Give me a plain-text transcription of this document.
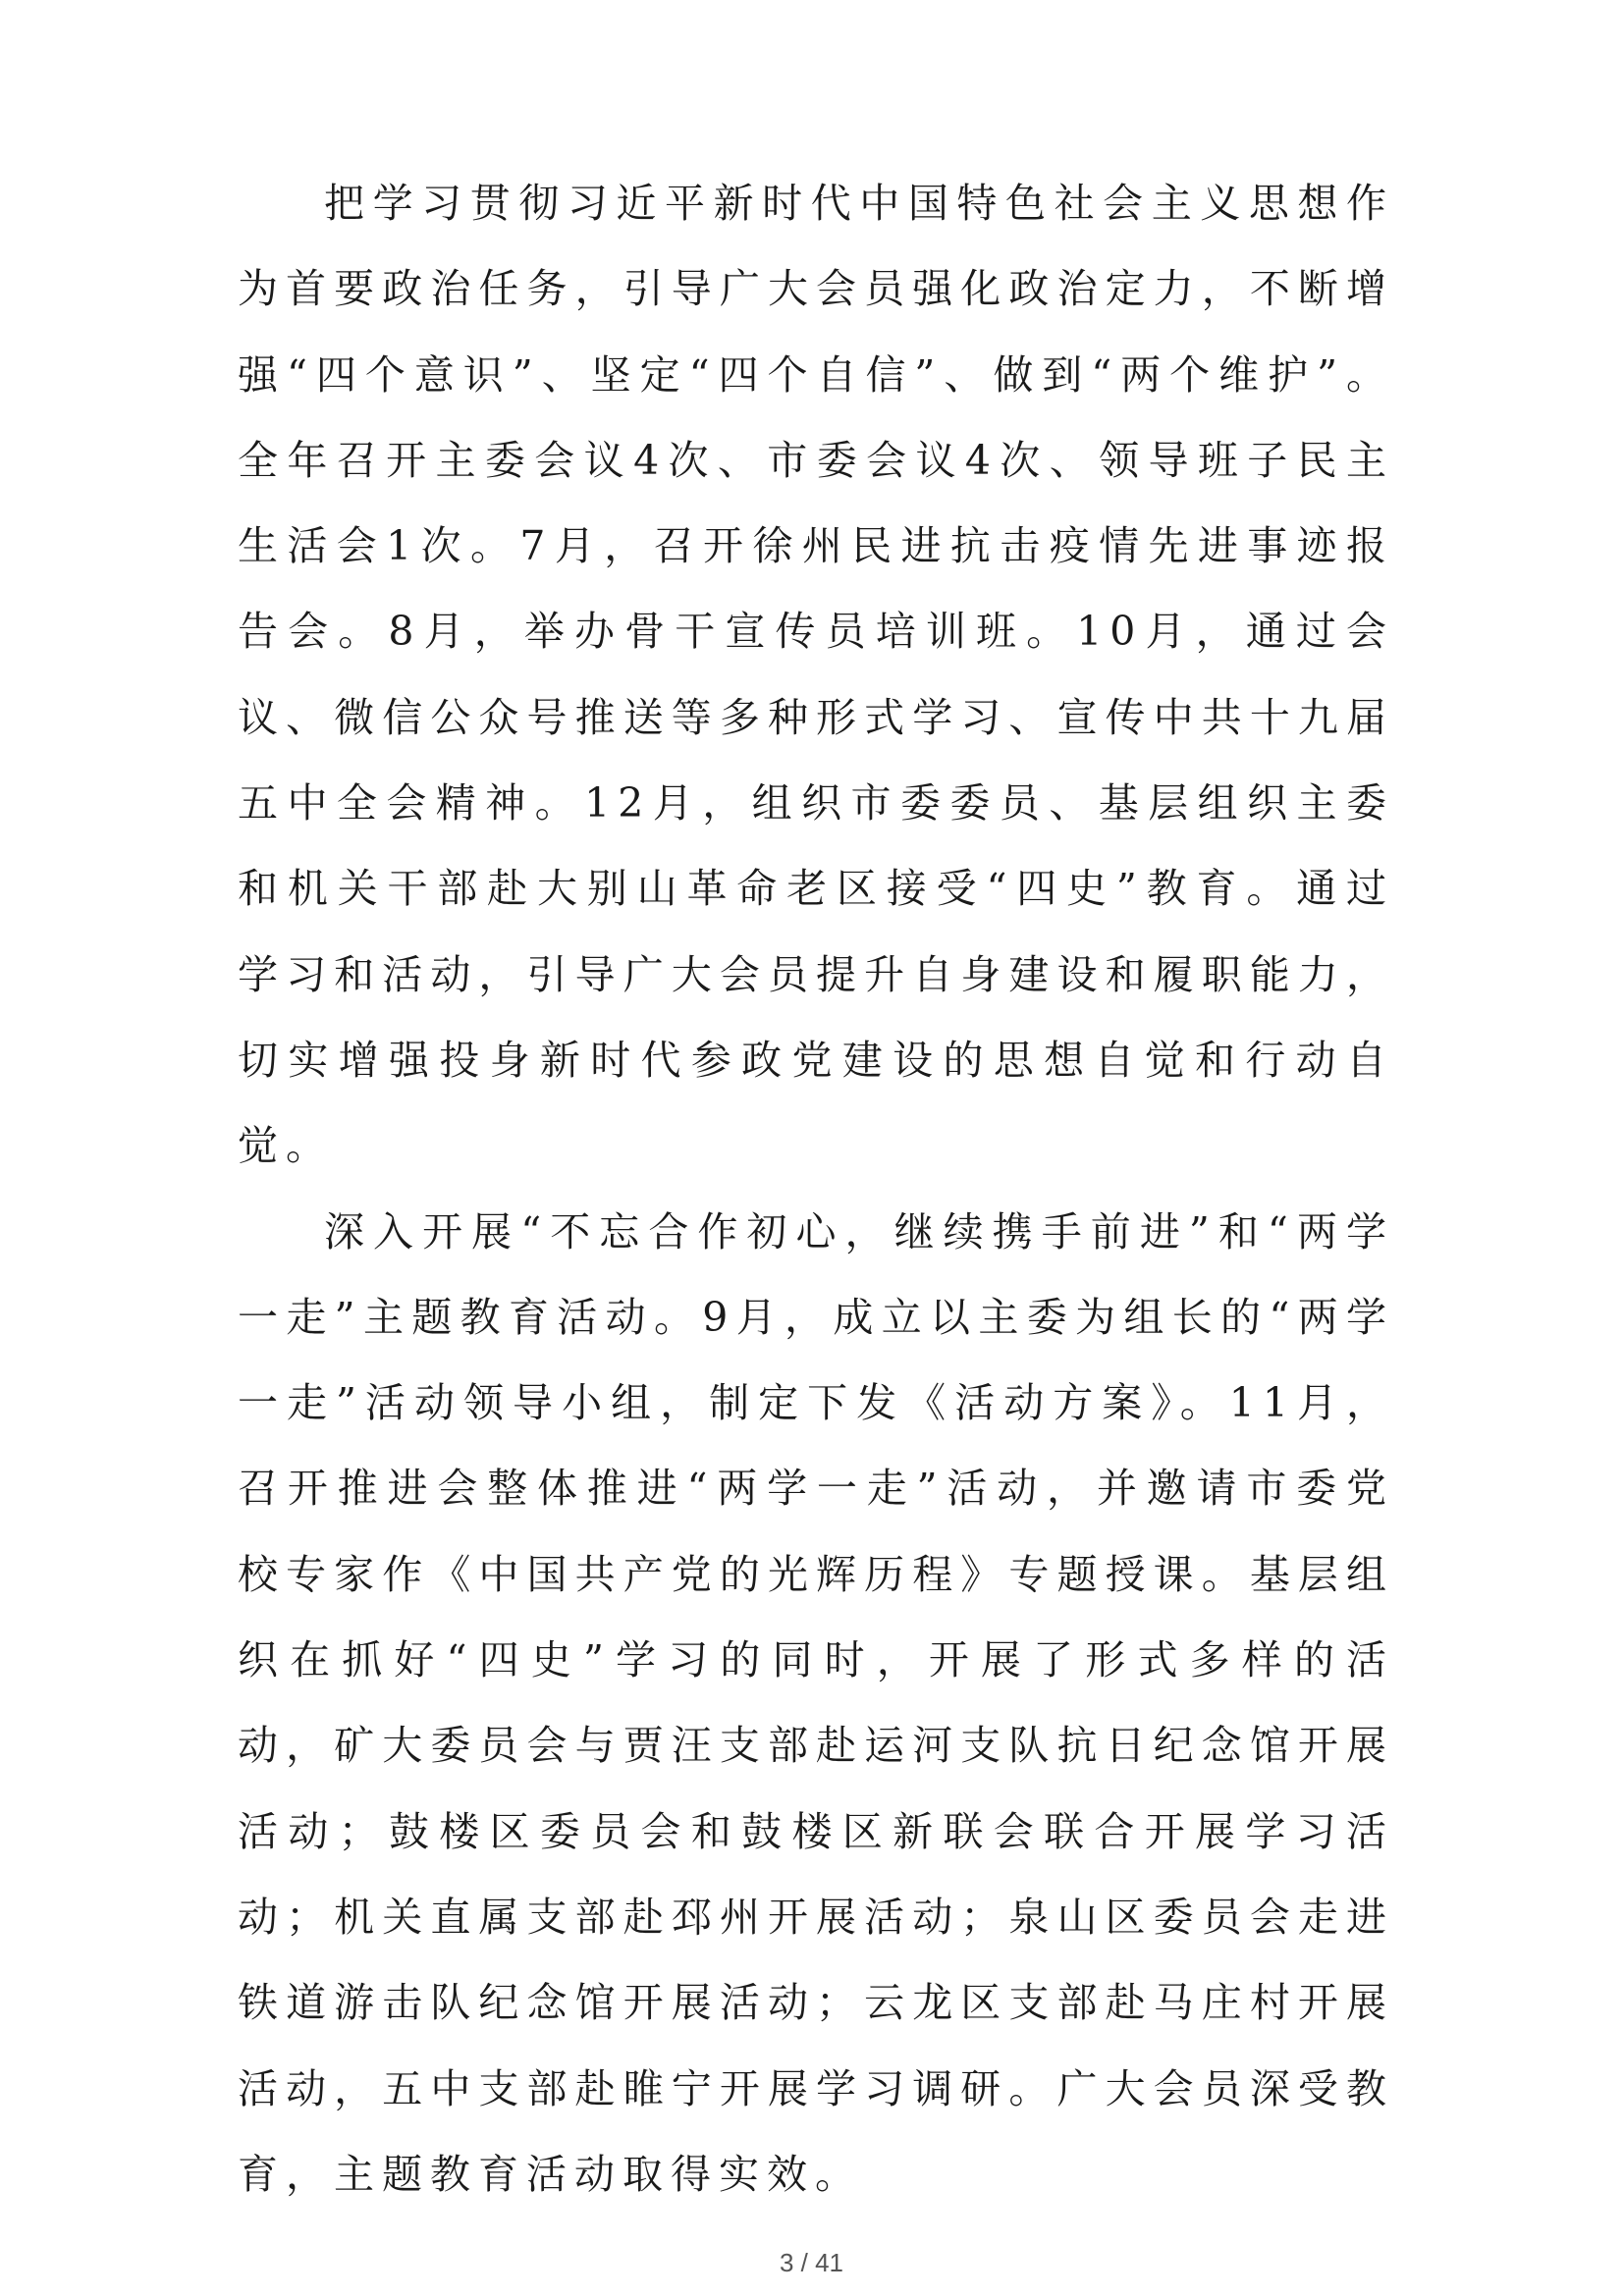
把学习贯彻习近平新时代中国特色社会主义思想作为首要政治任务，引导广大会员强化政治定力，不断增强“四个意识”、坚定“四个自信”、做到“两个维护”。全年召开主委会议4次、市委会议4次、领导班子民主生活会1次。7月，召开徐州民进抗击疫情先进事迹报告会。8月，举办骨干宣传员培训班。10月，通过会议、微信公众号推送等多种形式学习、宣传中共十九届五中全会精神。12月，组织市委委员、基层组织主委和机关干部赴大别山革命老区接受“四史”教育。通过学习和活动，引导广大会员提升自身建设和履职能力，切实增强投身新时代参政党建设的思想自觉和行动自觉。

深入开展“不忘合作初心，继续携手前进”和“两学一走”主题教育活动。9月，成立以主委为组长的“两学一走”活动领导小组，制定下发《活动方案》。11月，召开推进会整体推进“两学一走”活动，并邀请市委党校专家作《中国共产党的光辉历程》专题授课。基层组织在抓好“四史”学习的同时，开展了形式多样的活动，矿大委员会与贾汪支部赴运河支队抗日纪念馆开展活动；鼓楼区委员会和鼓楼区新联会联合开展学习活动；机关直属支部赴邳州开展活动；泉山区委员会走进铁道游击队纪念馆开展活动；云龙区支部赴马庄村开展活动，五中支部赴睢宁开展学习调研。广大会员深受教育，主题教育活动取得实效。

3 / 41
